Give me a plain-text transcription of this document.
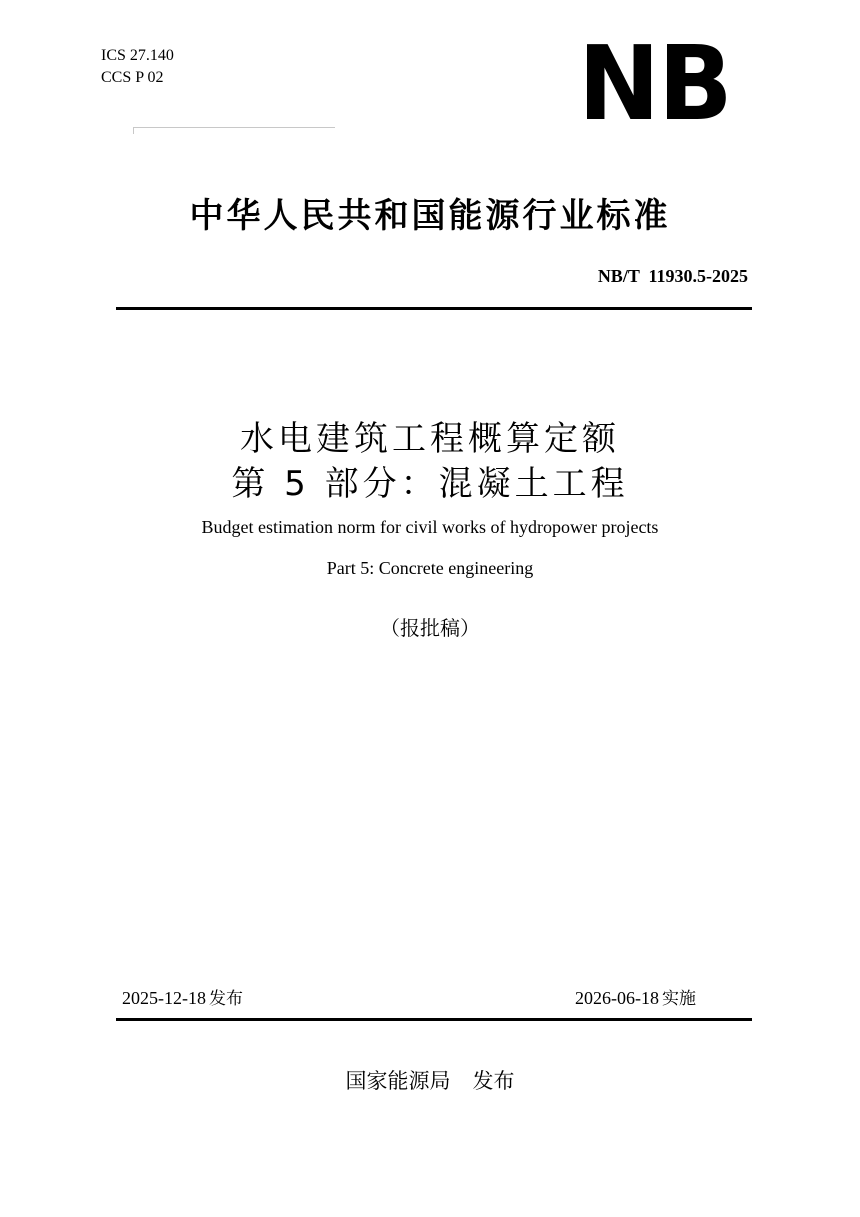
ICS 27.140
CCS P 02	NB
中华人民共和国能源行业标准
NB/T  11930.5-2025
水电建筑工程概算定额
第 5 部分：混凝土工程
Budget estimation norm for civil works of hydropower projects
Part 5: Concrete engineering
（报批稿）
2025-12-18 发布	2026-06-18 实施
国家能源局 发布
